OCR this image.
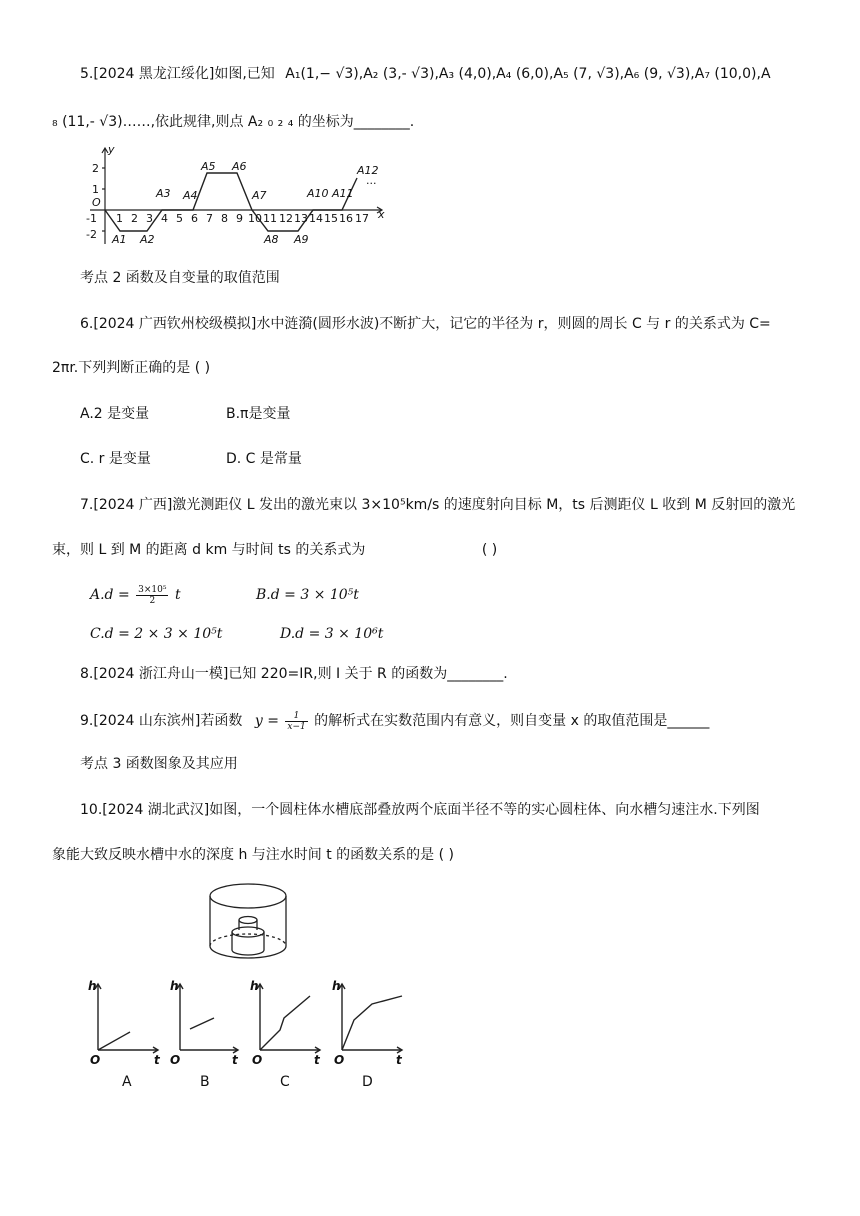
5.[2024 黑龙江绥化]如图,已知 A₁(1,− √3),A₂ (3,- √3),A₃ (4,0),A₄ (6,0),A₅ (7, √3),A₆ (9, √3),A₇ (10,0),A
₈ (11,- √3)……,依此规律,则点 A₂ ₀ ₂ ₄ 的坐标为________.
y
x
O
2
1
-1
-2
1 2 3 4 5 6 7 8 9 10 11 12 13 14 15 16 17
A1 A2
A3 A4
A5 A6
A7
A8 A9
A10 A11
A12
...
考点 2 函数及自变量的取值范围
6.[2024 广西钦州校级模拟]水中涟漪(圆形水波)不断扩大，记它的半径为 r，则圆的周长 C 与 r 的关系式为 C=
2πr.下列判断正确的是 ( )
A.2 是变量	B.π是变量
C. r 是变量	D. C 是常量
7.[2024 广西]激光测距仪 L 发出的激光束以 3×10⁵km/s 的速度射向目标 M，ts 后测距仪 L 收到 M 反射回的激光
束，则 L 到 M 的距离 d km 与时间 ts 的关系式为	( )
$A.d = \frac{\text{3×10⁵}}{2}$ t	B.d = 3 × 10⁵t
C.d = 2 × 3 × 10⁵t	D.d = 3 × 10⁶t
8.[2024 浙江舟山一模]已知 220=IR,则 I 关于 R 的函数为________.
9.[2024 山东滨州]若函数 $y = \frac{1}{x-1}$ 的解析式在实数范围内有意义，则自变量 x 的取值范围是______
考点 3 函数图象及其应用
10.[2024 湖北武汉]如图，一个圆柱体水槽底部叠放两个底面半径不等的实心圆柱体、向水槽匀速注水.下列图
象能大致反映水槽中水的深度 h 与注水时间 t 的函数关系的是 ( )
h
O	t
h
O	t
h
O	t
h
O	t
A	B	C	D
